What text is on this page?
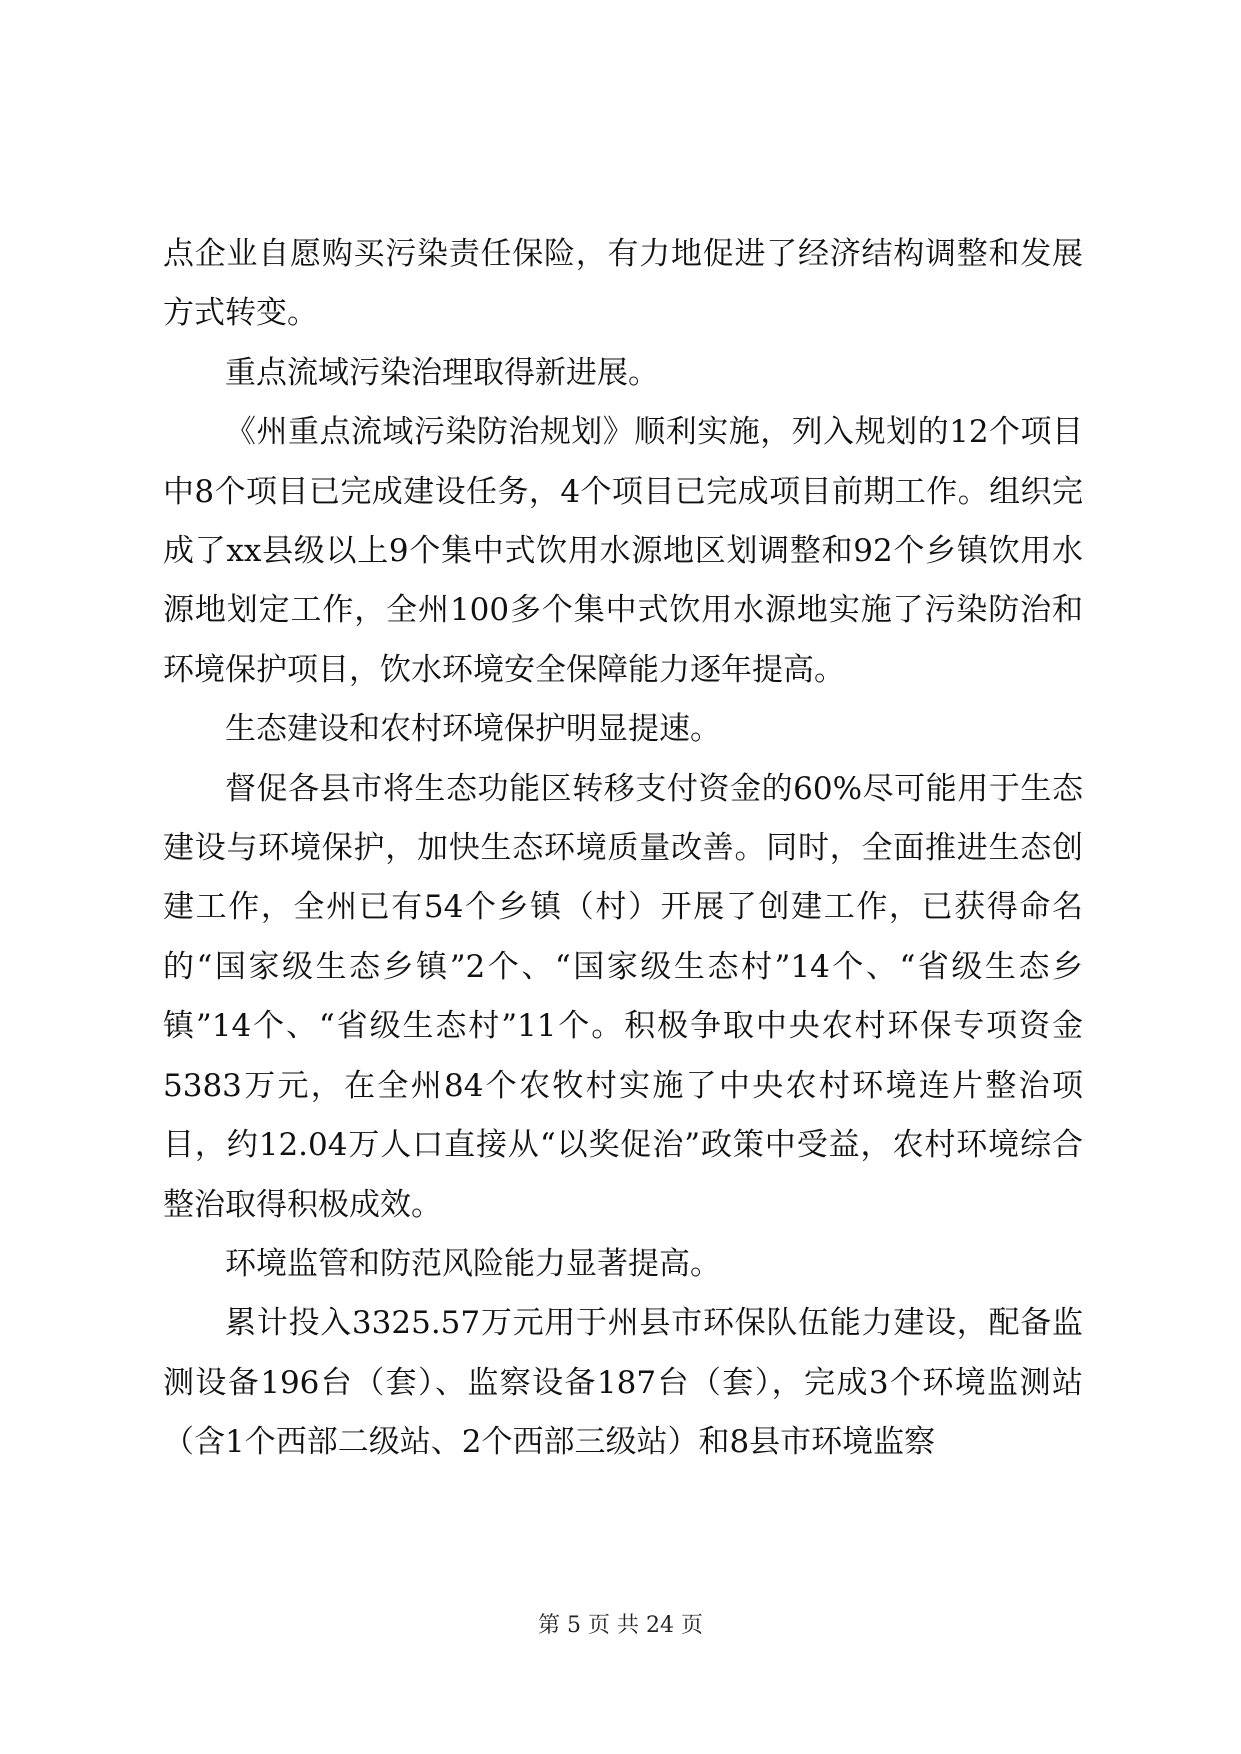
点企业自愿购买污染责任保险，有力地促进了经济结构调整和发展方式转变。

重点流域污染治理取得新进展。

《州重点流域污染防治规划》顺利实施，列入规划的12个项目中8个项目已完成建设任务，4个项目已完成项目前期工作。组织完成了xx县级以上9个集中式饮用水源地区划调整和92个乡镇饮用水源地划定工作，全州100多个集中式饮用水源地实施了污染防治和环境保护项目，饮水环境安全保障能力逐年提高。

生态建设和农村环境保护明显提速。

督促各县市将生态功能区转移支付资金的60%尽可能用于生态建设与环境保护，加快生态环境质量改善。同时，全面推进生态创建工作，全州已有54个乡镇（村）开展了创建工作，已获得命名的“国家级生态乡镇”2个、“国家级生态村”14个、“省级生态乡镇”14个、“省级生态村”11个。积极争取中央农村环保专项资金5383万元，在全州84个农牧村实施了中央农村环境连片整治项目，约12.04万人口直接从“以奖促治”政策中受益，农村环境综合整治取得积极成效。

环境监管和防范风险能力显著提高。

累计投入3325.57万元用于州县市环保队伍能力建设，配备监测设备196台（套）、监察设备187台（套），完成3个环境监测站（含1个西部二级站、2个西部三级站）和8县市环境监察

第 5 页 共 24 页
